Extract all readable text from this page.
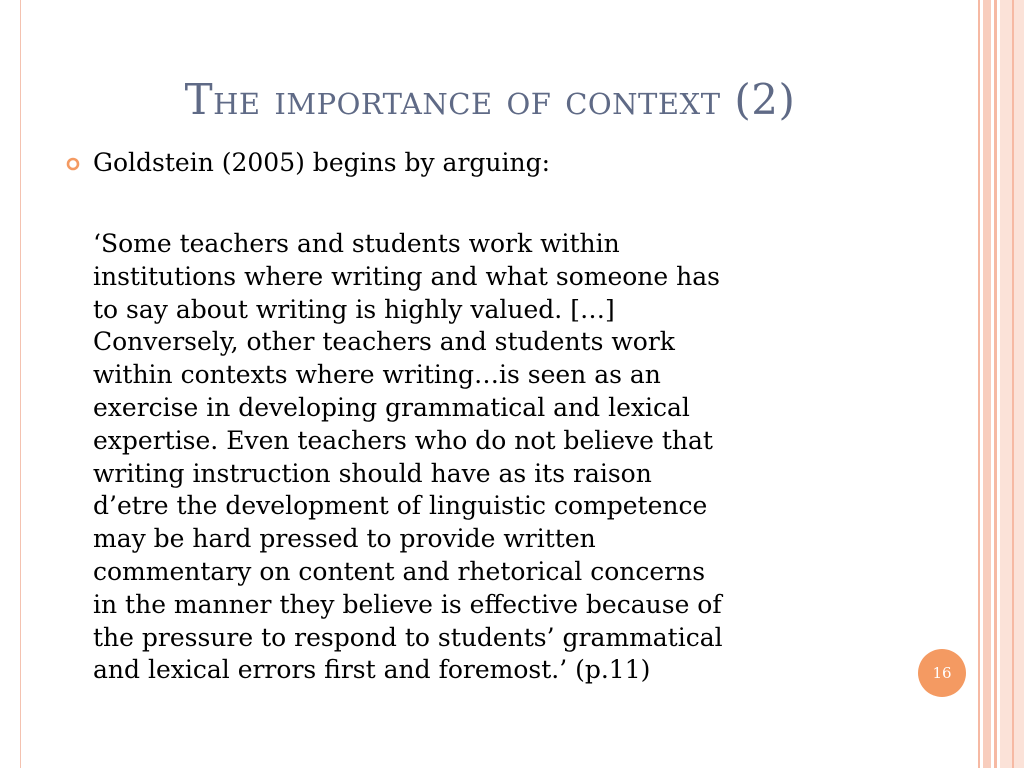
The importance of context (2)

Goldstein (2005) begins by arguing:

‘Some teachers and students work within
institutions where writing and what someone has
to say about writing is highly valued. […]
Conversely, other teachers and students work
within contexts where writing…is seen as an
exercise in developing grammatical and lexical
expertise. Even teachers who do not believe that
writing instruction should have as its raison
d’etre the development of linguistic competence
may be hard pressed to provide written
commentary on content and rhetorical concerns
in the manner they believe is effective because of
the pressure to respond to students’ grammatical
and lexical errors first and foremost.’ (p.11)	16
